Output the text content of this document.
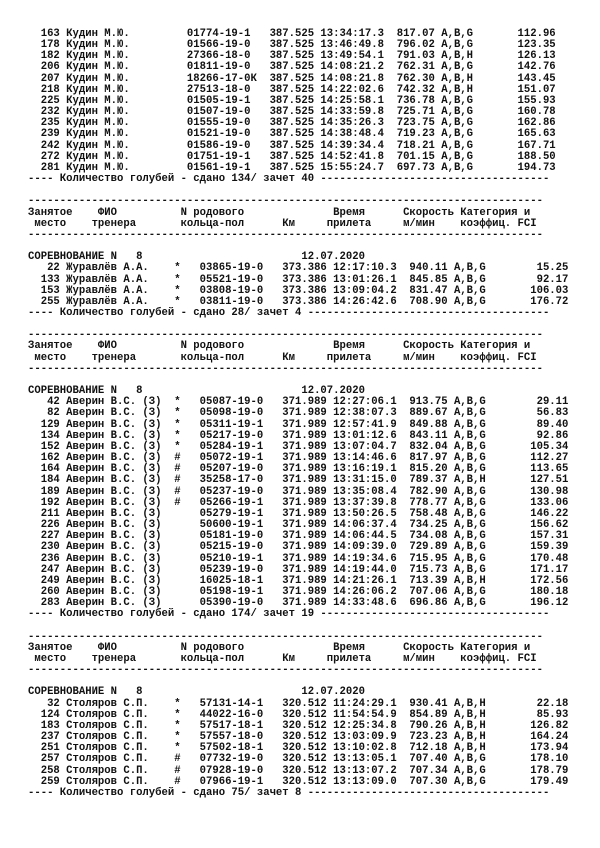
163 Кудин М.Ю.         01774-19-1   387.525 13:34:17.3  817.07 А,B,G       112.96
178 Кудин М.Ю.         01566-19-0   387.525 13:46:49.8  796.02 А,B,G       123.35
182 Кудин М.Ю.         27366-18-0   387.525 13:49:54.1  791.03 А,B,H       126.13
206 Кудин М.Ю.         01811-19-0   387.525 14:08:21.2  762.31 А,B,G       142.76
207 Кудин М.Ю.         18266-17-0К  387.525 14:08:21.8  762.30 А,B,H       143.45
218 Кудин М.Ю.         27513-18-0   387.525 14:22:02.6  742.32 А,B,H       151.07
225 Кудин М.Ю.         01505-19-1   387.525 14:25:58.1  736.78 А,B,G       155.93
232 Кудин М.Ю.         01507-19-0   387.525 14:33:59.8  725.71 А,B,G       160.78
235 Кудин М.Ю.         01555-19-0   387.525 14:35:26.3  723.75 А,B,G       162.86
239 Кудин М.Ю.         01521-19-0   387.525 14:38:48.4  719.23 А,B,G       165.63
242 Кудин М.Ю.         01586-19-0   387.525 14:39:34.4  718.21 А,B,G       167.71
272 Кудин М.Ю.         01751-19-1   387.525 14:52:41.8  701.15 А,B,G       188.50
281 Кудин М.Ю.         01561-19-1   387.525 15:55:24.7  697.73 А,B,G       194.73
---- Количество голубей - сдано 134/ зачет 40 ------------------------------------
---------------------------------------------------------------------------------
Занятое    ФИО          N родового              Время      Скорость Категория и
место    тренера       кольца-пол      Км     прилета     м/мин    коэффиц. FCI
---------------------------------------------------------------------------------
СОРЕВНОВАНИЕ N   8                         12.07.2020
22 Журавлёв А.А.    *   03865-19-0   373.386 12:17:10.3  940.11 А,B,G        15.25
133 Журавлёв А.А.    *   05521-19-0   373.386 13:01:26.1  845.85 А,B,G        92.17
153 Журавлёв А.А.    *   03808-19-0   373.386 13:09:04.2  831.47 А,B,G       106.03
255 Журавлёв А.А.    *   03811-19-0   373.386 14:26:42.6  708.90 А,B,G       176.72
---- Количество голубей - сдано 28/ зачет 4 --------------------------------------
---------------------------------------------------------------------------------
Занятое    ФИО          N родового              Время      Скорость Категория и
место    тренера       кольца-пол      Км     прилета     м/мин    коэффиц. FCI
---------------------------------------------------------------------------------
СОРЕВНОВАНИЕ N   8                         12.07.2020
42 Аверин В.С. (З)  *   05087-19-0   371.989 12:27:06.1  913.75 А,B,G        29.11
82 Аверин В.С. (З)  *   05098-19-0   371.989 12:38:07.3  889.67 А,B,G        56.83
129 Аверин В.С. (З)  *   05311-19-1   371.989 12:57:41.9  849.88 А,B,G        89.40
134 Аверин В.С. (З)  *   05217-19-0   371.989 13:01:12.6  843.11 А,B,G        92.86
152 Аверин В.С. (З)  *   05284-19-1   371.989 13:07:04.7  832.04 А,B,G       105.34
162 Аверин В.С. (З)  #   05072-19-1   371.989 13:14:46.6  817.97 А,B,G       112.27
164 Аверин В.С. (З)  #   05207-19-0   371.989 13:16:19.1  815.20 А,B,G       113.65
184 Аверин В.С. (З)  #   35258-17-0   371.989 13:31:15.0  789.37 А,B,H       127.51
189 Аверин В.С. (З)  #   05237-19-0   371.989 13:35:08.4  782.90 А,B,G       130.98
192 Аверин В.С. (З)  #   05266-19-1   371.989 13:37:39.8  778.77 А,B,G       133.06
211 Аверин В.С. (З)      05279-19-1   371.989 13:50:26.5  758.48 А,B,G       146.22
226 Аверин В.С. (З)      50600-19-1   371.989 14:06:37.4  734.25 А,B,G       156.62
227 Аверин В.С. (З)      05181-19-0   371.989 14:06:44.5  734.08 А,B,G       157.31
230 Аверин В.С. (З)      05215-19-0   371.989 14:09:39.0  729.89 А,B,G       159.39
236 Аверин В.С. (З)      05210-19-1   371.989 14:19:34.6  715.95 А,B,G       170.48
247 Аверин В.С. (З)      05239-19-0   371.989 14:19:44.0  715.73 А,B,G       171.17
249 Аверин В.С. (З)      16025-18-1   371.989 14:21:26.1  713.39 А,B,H       172.56
260 Аверин В.С. (З)      05198-19-1   371.989 14:26:06.2  707.06 А,B,G       180.18
283 Аверин В.С. (З)      05390-19-0   371.989 14:33:48.6  696.86 А,B,G       196.12
---- Количество голубей - сдано 174/ зачет 19 ------------------------------------
---------------------------------------------------------------------------------
Занятое    ФИО          N родового              Время      Скорость Категория и
место    тренера       кольца-пол      Км     прилета     м/мин    коэффиц. FCI
---------------------------------------------------------------------------------
СОРЕВНОВАНИЕ N   8                         12.07.2020
32 Столяров С.П.    *   57131-14-1   320.512 11:24:29.1  930.41 А,B,H        22.18
124 Столяров С.П.    *   44022-16-0   320.512 11:54:54.9  854.89 А,B,H        85.93
183 Столяров С.П.    *   57517-18-1   320.512 12:25:34.8  790.26 А,B,H       126.82
237 Столяров С.П.    *   57557-18-0   320.512 13:03:09.9  723.23 А,B,H       164.24
251 Столяров С.П.    *   57502-18-1   320.512 13:10:02.8  712.18 А,B,H       173.94
257 Столяров С.П.    #   07732-19-0   320.512 13:13:05.1  707.40 А,B,G       178.10
258 Столяров С.П.    #   07928-19-0   320.512 13:13:07.2  707.34 А,B,G       178.79
259 Столяров С.П.    #   07966-19-1   320.512 13:13:09.0  707.30 А,B,G       179.49
---- Количество голубей - сдано 75/ зачет 8 --------------------------------------
